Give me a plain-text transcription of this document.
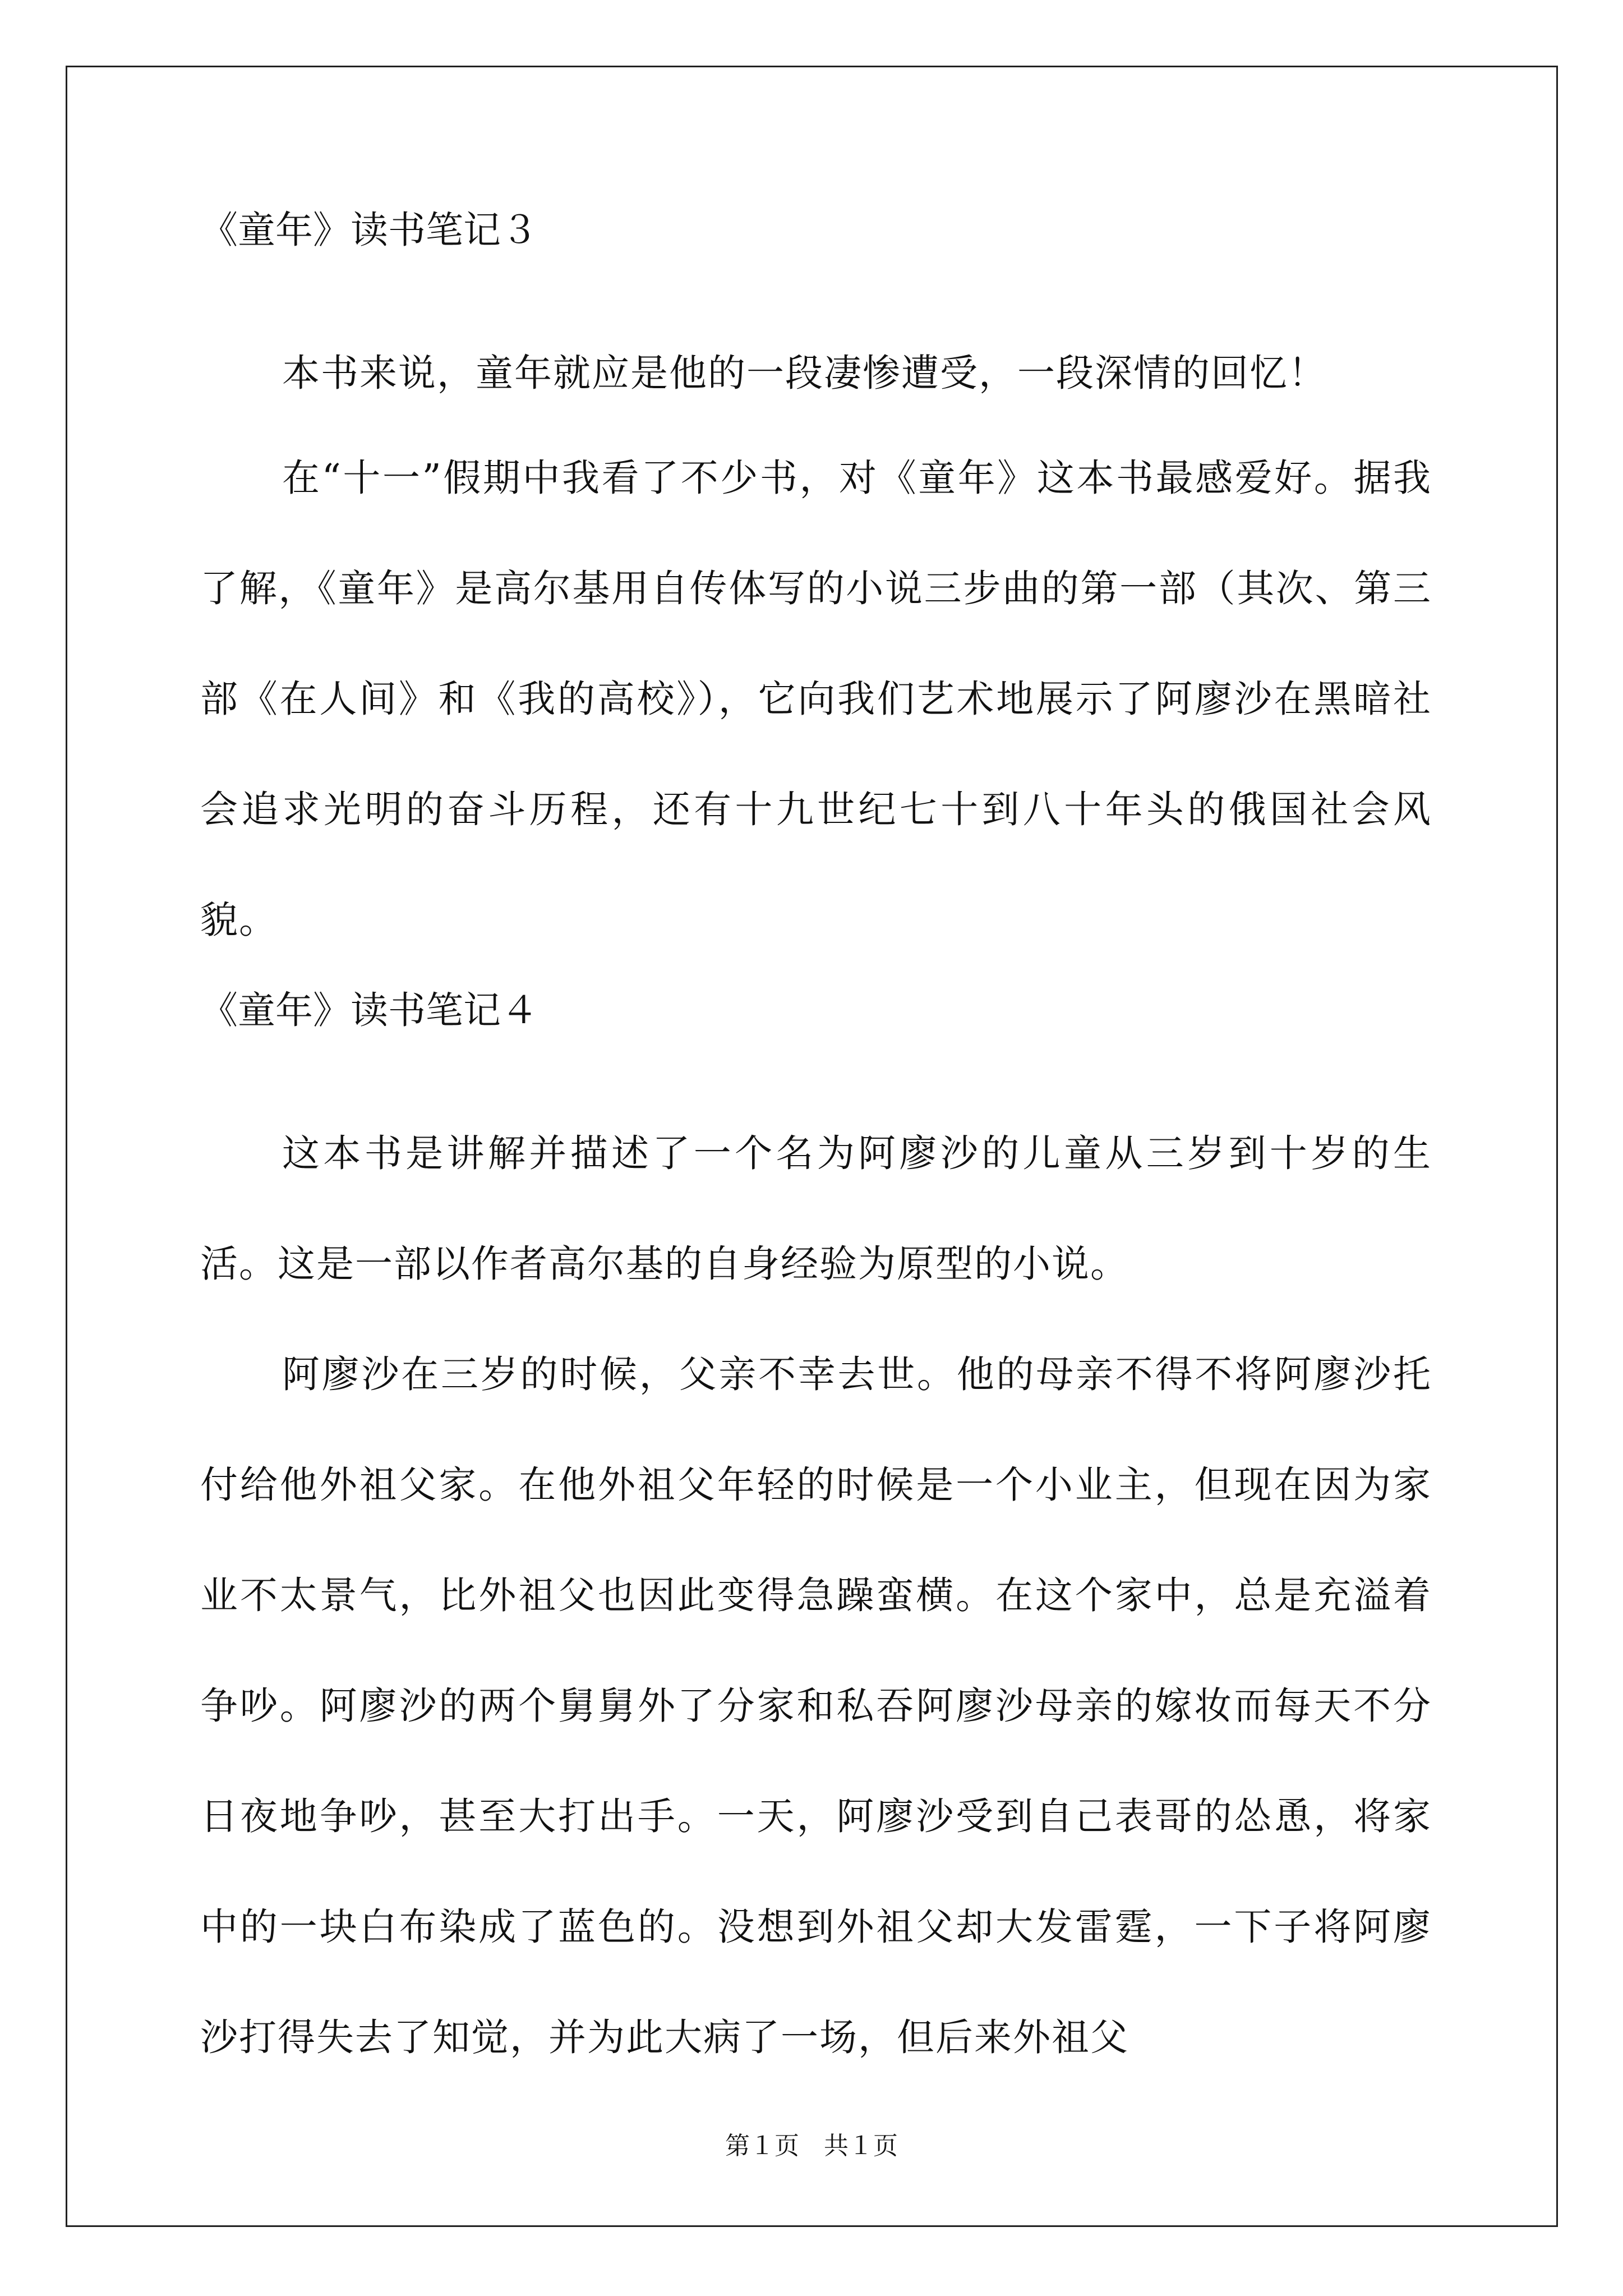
《童年》读书笔记３

本书来说，童年就应是他的一段凄惨遭受，一段深情的回忆！

在“十一”假期中我看了不少书，对《童年》这本书最感爱好。据我了解，《童年》是高尔基用自传体写的小说三步曲的第一部（其次、第三部《在人间》和《我的高校》），它向我们艺术地展示了阿廖沙在黑暗社会追求光明的奋斗历程，还有十九世纪七十到八十年头的俄国社会风貌。

《童年》读书笔记４

这本书是讲解并描述了一个名为阿廖沙的儿童从三岁到十岁的生活。这是一部以作者高尔基的自身经验为原型的小说。

阿廖沙在三岁的时候，父亲不幸去世。他的母亲不得不将阿廖沙托付给他外祖父家。在他外祖父年轻的时候是一个小业主，但现在因为家业不太景气，比外祖父也因此变得急躁蛮横。在这个家中，总是充溢着争吵。阿廖沙的两个舅舅外了分家和私吞阿廖沙母亲的嫁妆而每天不分日夜地争吵，甚至大打出手。一天，阿廖沙受到自己表哥的怂恿，将家中的一块白布染成了蓝色的。没想到外祖父却大发雷霆，一下子将阿廖沙打得失去了知觉，并为此大病了一场，但后来外祖父

第１页　共１页
